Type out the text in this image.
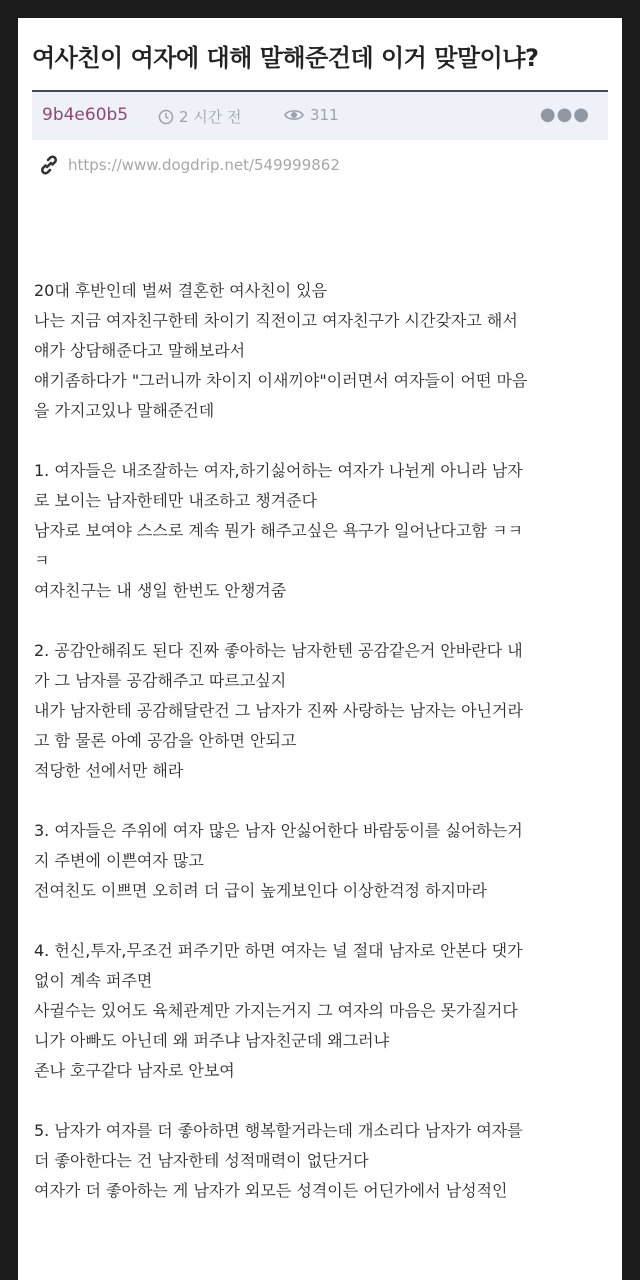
여사친이 여자에 대해 말해준건데 이거 맞말이냐?
9b4e60b5	2 시간 전	311	●●●
https://www.dogdrip.net/549999862

20대 후반인데 벌써 결혼한 여사친이 있음
나는 지금 여자친구한테 차이기 직전이고 여자친구가 시간갖자고 해서
얘가 상담해준다고 말해보라서
얘기좀하다가 "그러니까 차이지 이새끼야"이러면서 여자들이 어떤 마음
을 가지고있나 말해준건데

1. 여자들은 내조잘하는 여자,하기싫어하는 여자가 나뉜게 아니라 남자
로 보이는 남자한테만 내조하고 챙겨준다
남자로 보여야 스스로 계속 뭔가 해주고싶은 욕구가 일어난다고함 ㅋㅋ
ㅋ
여자친구는 내 생일 한번도 안챙겨줌

2. 공감안해줘도 된다 진짜 좋아하는 남자한텐 공감같은거 안바란다 내
가 그 남자를 공감해주고 따르고싶지
내가 남자한테 공감해달란건 그 남자가 진짜 사랑하는 남자는 아닌거라
고 함 물론 아예 공감을 안하면 안되고
적당한 선에서만 해라

3. 여자들은 주위에 여자 많은 남자 안싫어한다 바람둥이를 싫어하는거
지 주변에 이쁜여자 많고
전여친도 이쁘면 오히려 더 급이 높게보인다 이상한걱정 하지마라

4. 헌신,투자,무조건 퍼주기만 하면 여자는 널 절대 남자로 안본다 댓가
없이 계속 퍼주면
사귈수는 있어도 육체관계만 가지는거지 그 여자의 마음은 못가질거다
니가 아빠도 아닌데 왜 퍼주냐 남자친군데 왜그러냐
존나 호구같다 남자로 안보여

5. 남자가 여자를 더 좋아하면 행복할거라는데 개소리다 남자가 여자를
더 좋아한다는 건 남자한테 성적매력이 없단거다
여자가 더 좋아하는 게 남자가 외모든 성격이든 어딘가에서 남성적인
